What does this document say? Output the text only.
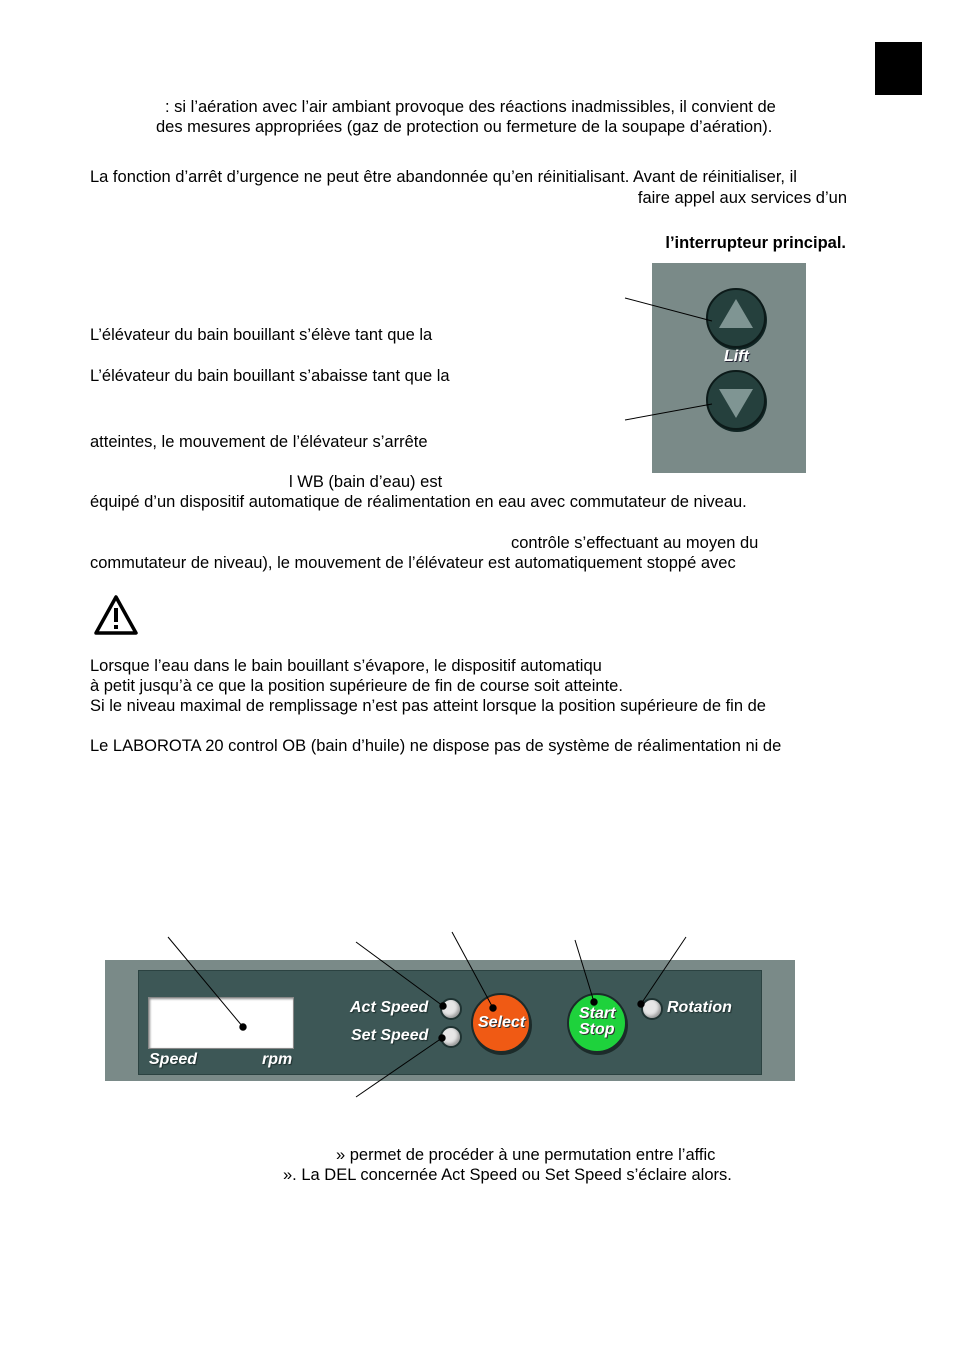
: si l’aération avec l’air ambiant provoque des réactions inadmissibles, il convient de
des mesures appropriées (gaz de protection ou fermeture de la soupape d’aération).
La fonction d’arrêt d’urgence ne peut être abandonnée qu’en réinitialisant. Avant de réinitialiser, il
faire appel aux services d’un
l’interrupteur principal.
L’élévateur du bain bouillant s’élève tant que la
L’élévateur du bain bouillant s’abaisse tant que la
atteintes, le mouvement de l’élévateur s’arrête
l WB (bain d’eau) est
équipé d’un dispositif automatique de réalimentation en eau avec commutateur de niveau.
contrôle s’effectuant au moyen du
commutateur de niveau), le mouvement de l’élévateur est automatiquement stoppé avec
Lorsque l’eau dans le bain bouillant s’évapore, le dispositif automatiqu
à petit jusqu’à ce que la position supérieure de fin de course soit atteinte.
Si le niveau maximal de remplissage n’est pas atteint lorsque la position supérieure de fin de
Le LABOROTA 20 control OB (bain d’huile) ne dispose pas de système de réalimentation ni de
Lift
Speed	rpm
Act Speed
Set Speed
Select
Start
Stop
Rotation
» permet de procéder à une permutation entre l’affic
». La DEL concernée Act Speed ou Set Speed s’éclaire alors.
